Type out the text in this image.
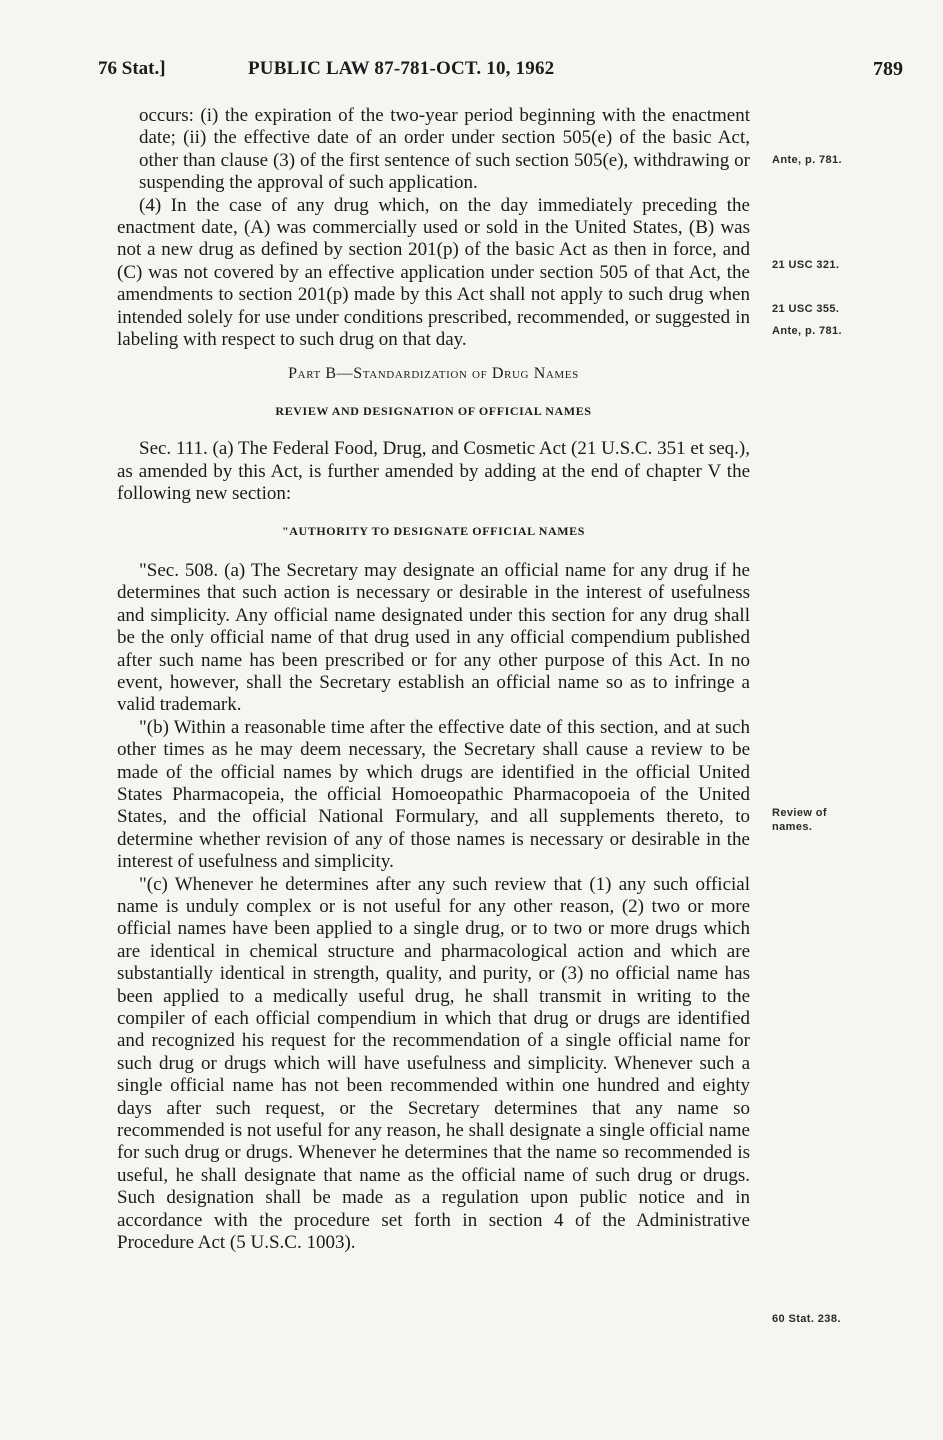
76 Stat.]	PUBLIC LAW 87-781-OCT. 10, 1962	789

occurs: (i) the expiration of the two-year period beginning with the enactment date; (ii) the effective date of an order under section 505(e) of the basic Act, other than clause (3) of the first sentence of such section 505(e), withdrawing or suspending the approval of such application.

(4) In the case of any drug which, on the day immediately preceding the enactment date, (A) was commercially used or sold in the United States, (B) was not a new drug as defined by section 201(p) of the basic Act as then in force, and (C) was not covered by an effective application under section 505 of that Act, the amendments to section 201(p) made by this Act shall not apply to such drug when intended solely for use under conditions prescribed, recommended, or suggested in labeling with respect to such drug on that day.

Part B—Standardization of Drug Names

REVIEW AND DESIGNATION OF OFFICIAL NAMES

Sec. 111. (a) The Federal Food, Drug, and Cosmetic Act (21 U.S.C. 351 et seq.), as amended by this Act, is further amended by adding at the end of chapter V the following new section:

"AUTHORITY TO DESIGNATE OFFICIAL NAMES

"Sec. 508. (a) The Secretary may designate an official name for any drug if he determines that such action is necessary or desirable in the interest of usefulness and simplicity. Any official name designated under this section for any drug shall be the only official name of that drug used in any official compendium published after such name has been prescribed or for any other purpose of this Act. In no event, however, shall the Secretary establish an official name so as to infringe a valid trademark.

"(b) Within a reasonable time after the effective date of this section, and at such other times as he may deem necessary, the Secretary shall cause a review to be made of the official names by which drugs are identified in the official United States Pharmacopeia, the official Homoeopathic Pharmacopoeia of the United States, and the official National Formulary, and all supplements thereto, to determine whether revision of any of those names is necessary or desirable in the interest of usefulness and simplicity.

"(c) Whenever he determines after any such review that (1) any such official name is unduly complex or is not useful for any other reason, (2) two or more official names have been applied to a single drug, or to two or more drugs which are identical in chemical structure and pharmacological action and which are substantially identical in strength, quality, and purity, or (3) no official name has been applied to a medically useful drug, he shall transmit in writing to the compiler of each official compendium in which that drug or drugs are identified and recognized his request for the recommendation of a single official name for such drug or drugs which will have usefulness and simplicity. Whenever such a single official name has not been recommended within one hundred and eighty days after such request, or the Secretary determines that any name so recommended is not useful for any reason, he shall designate a single official name for such drug or drugs. Whenever he determines that the name so recommended is useful, he shall designate that name as the official name of such drug or drugs. Such designation shall be made as a regulation upon public notice and in accordance with the procedure set forth in section 4 of the Administrative Procedure Act (5 U.S.C. 1003).

Ante, p. 781.
21 USC 321.
21 USC 355.
Ante, p. 781.
Review of names.
60 Stat. 238.
